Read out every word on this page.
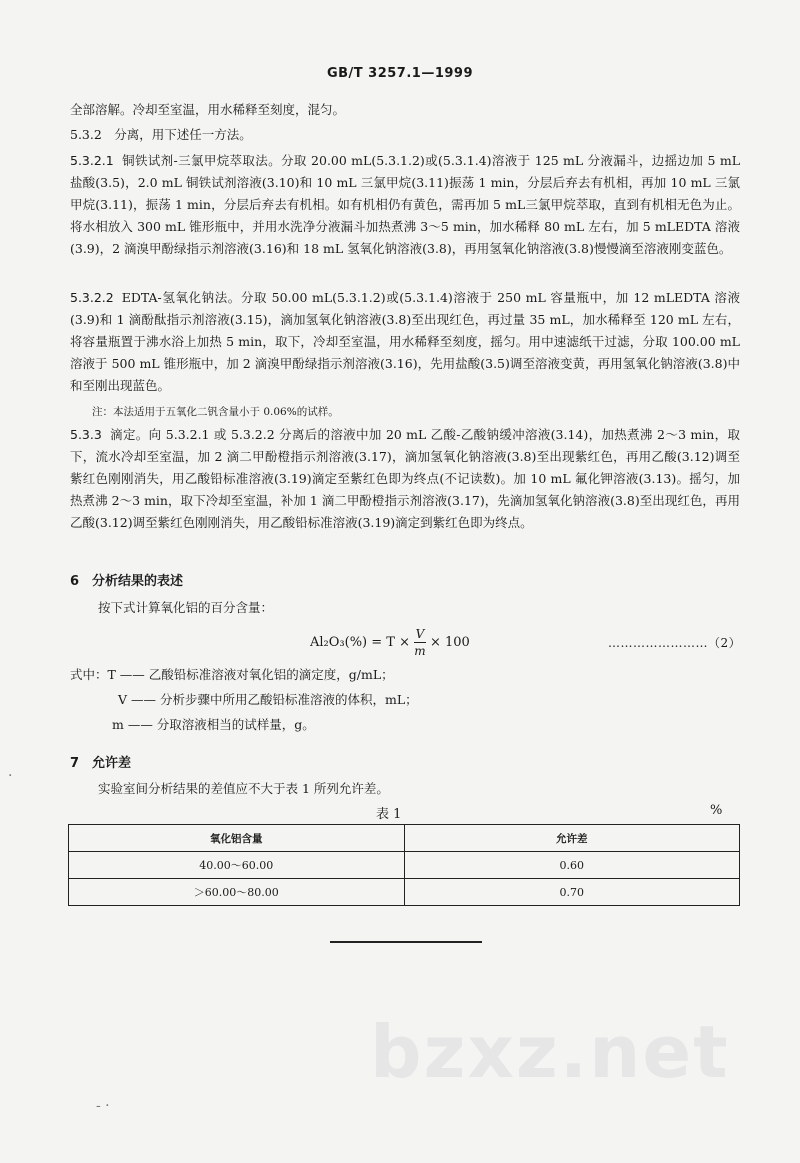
GB/T 3257.1—1999
全部溶解。冷却至室温，用水稀释至刻度，混匀。
5.3.2　分离，用下述任一方法。
5.3.2.1 铜铁试剂-三氯甲烷萃取法。分取 20.00 mL(5.3.1.2)或(5.3.1.4)溶液于 125 mL 分液漏斗，边摇边加 5 mL 盐酸(3.5)，2.0 mL 铜铁试剂溶液(3.10)和 10 mL 三氯甲烷(3.11)振荡 1 min，分层后弃去有机相，再加 10 mL 三氯甲烷(3.11)，振荡 1 min，分层后弃去有机相。如有机相仍有黄色，需再加 5 mL三氯甲烷萃取，直到有机相无色为止。将水相放入 300 mL 锥形瓶中，并用水洗净分液漏斗加热煮沸 3～5 min，加水稀释 80 mL 左右，加 5 mLEDTA 溶液(3.9)，2 滴溴甲酚绿指示剂溶液(3.16)和 18 mL 氢氧化钠溶液(3.8)，再用氢氧化钠溶液(3.8)慢慢滴至溶液刚变蓝色。
5.3.2.2 EDTA-氢氧化钠法。分取 50.00 mL(5.3.1.2)或(5.3.1.4)溶液于 250 mL 容量瓶中，加 12 mLEDTA 溶液(3.9)和 1 滴酚酞指示剂溶液(3.15)，滴加氢氧化钠溶液(3.8)至出现红色，再过量 35 mL，加水稀释至 120 mL 左右，将容量瓶置于沸水浴上加热 5 min，取下，冷却至室温，用水稀释至刻度，摇匀。用中速滤纸干过滤，分取 100.00 mL 溶液于 500 mL 锥形瓶中，加 2 滴溴甲酚绿指示剂溶液(3.16)，先用盐酸(3.5)调至溶液变黄，再用氢氧化钠溶液(3.8)中和至刚出现蓝色。
注：本法适用于五氧化二钒含量小于 0.06%的试样。
5.3.3 滴定。向 5.3.2.1 或 5.3.2.2 分离后的溶液中加 20 mL 乙酸-乙酸钠缓冲溶液(3.14)，加热煮沸 2～3 min，取下，流水冷却至室温，加 2 滴二甲酚橙指示剂溶液(3.17)，滴加氢氧化钠溶液(3.8)至出现紫红色，再用乙酸(3.12)调至紫红色刚刚消失，用乙酸铅标准溶液(3.19)滴定至紫红色即为终点(不记读数)。加 10 mL 氟化钾溶液(3.13)。摇匀，加热煮沸 2～3 min，取下冷却至室温，补加 1 滴二甲酚橙指示剂溶液(3.17)，先滴加氢氧化钠溶液(3.8)至出现红色，再用乙酸(3.12)调至紫红色刚刚消失，用乙酸铅标准溶液(3.19)滴定到紫红色即为终点。
6　分析结果的表述
按下式计算氧化铝的百分含量：
$Al_2O_3(\%) = T \times \frac{V}{m} \times 100$	……………………（2）
式中：T —— 乙酸铅标准溶液对氧化铝的滴定度，g/mL；
V —— 分析步骤中所用乙酸铅标准溶液的体积，mL；
m —— 分取溶液相当的试样量，g。
7　允许差
实验室间分析结果的差值应不大于表 1 所列允许差。
表 1	%
氧化铝含量	允许差
40.00～60.00	0.60
＞60.00～80.00	0.70
bzxz.net
·
- ·
